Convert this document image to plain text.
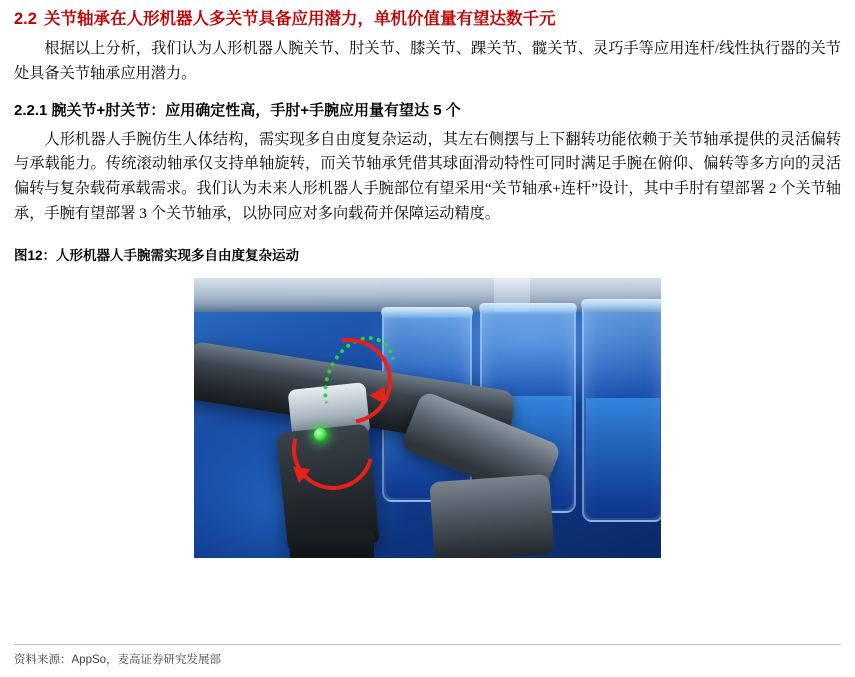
2.2 关节轴承在人形机器人多关节具备应用潜力，单机价值量有望达数千元

根据以上分析，我们认为人形机器人腕关节、肘关节、膝关节、踝关节、髋关节、灵巧手等应用连杆/线性执行器的关节处具备关节轴承应用潜力。

2.2.1 腕关节+肘关节：应用确定性高，手肘+手腕应用量有望达 5 个

人形机器人手腕仿生人体结构，需实现多自由度复杂运动，其左右侧摆与上下翻转功能依赖于关节轴承提供的灵活偏转与承载能力。传统滚动轴承仅支持单轴旋转，而关节轴承凭借其球面滑动特性可同时满足手腕在俯仰、偏转等多方向的灵活偏转与复杂载荷承载需求。我们认为未来人形机器人手腕部位有望采用“关节轴承+连杆”设计，其中手肘有望部署 2 个关节轴承，手腕有望部署 3 个关节轴承，以协同应对多向载荷并保障运动精度。

图12：人形机器人手腕需实现多自由度复杂运动
资料来源：AppSo，麦高证券研究发展部
